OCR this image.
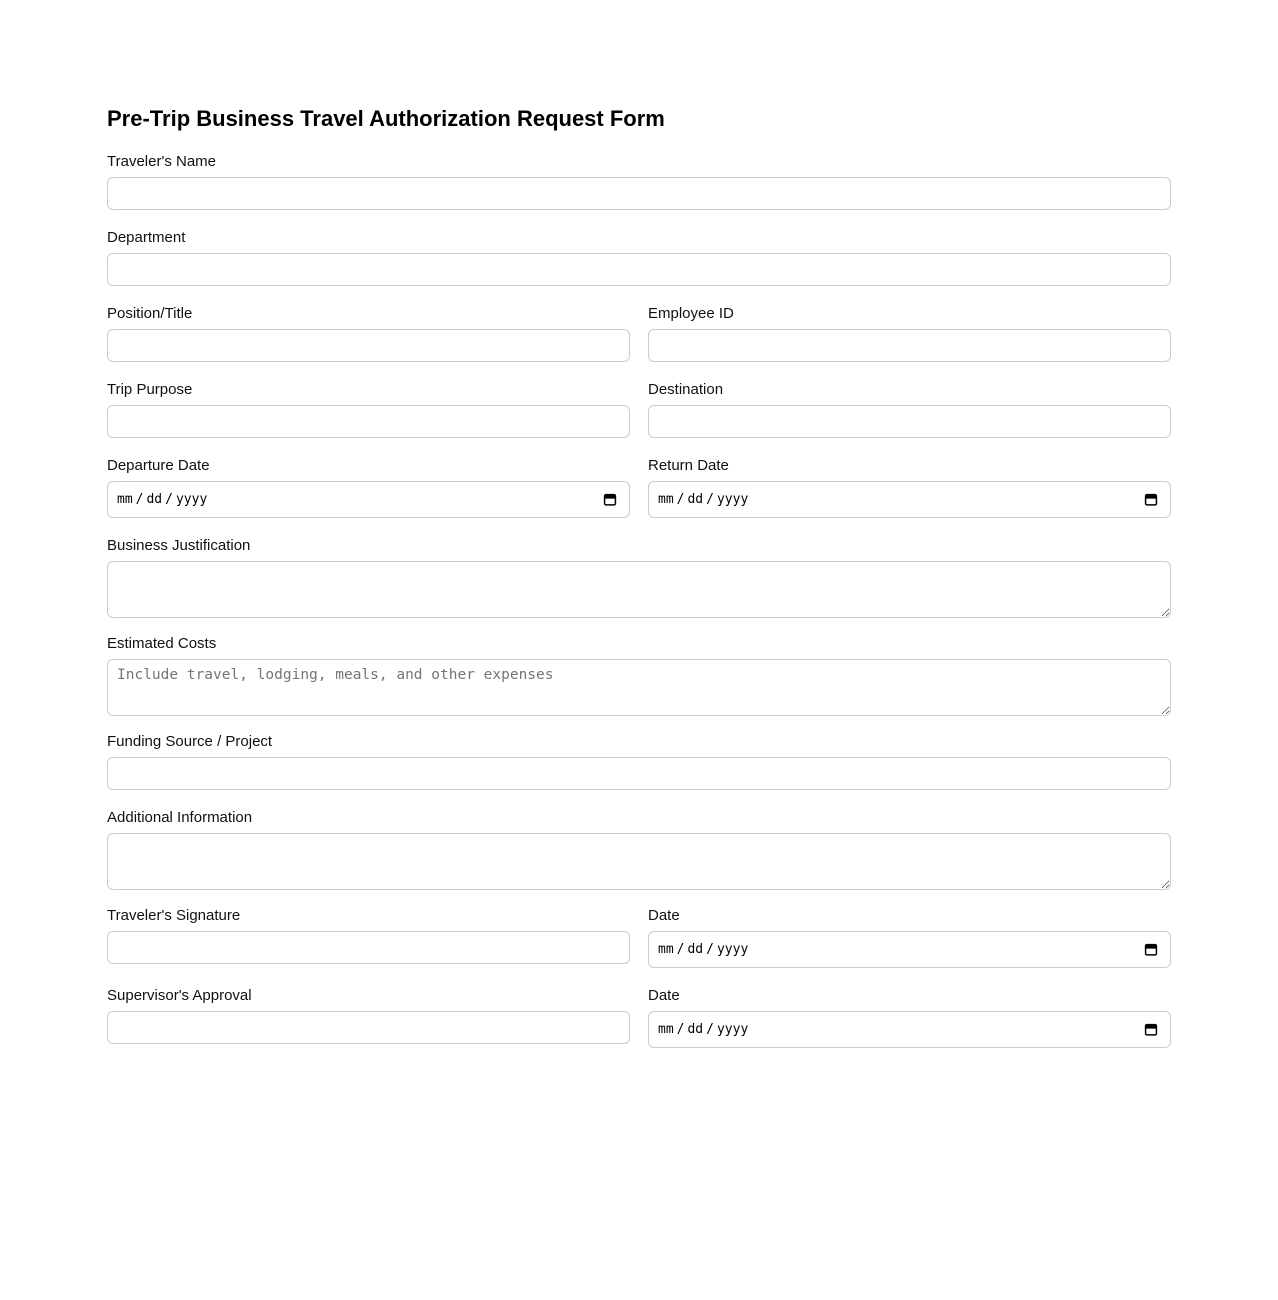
Pre-Trip Business Travel Authorization Request Form
Traveler's Name
Department
Position/Title	Employee ID
Trip Purpose	Destination
Departure Date
mm / dd / yyyy
Return Date
mm / dd / yyyy
Business Justification
Estimated Costs
Include travel, lodging, meals, and other expenses
Funding Source / Project
Additional Information
Traveler's Signature	Date
mm / dd / yyyy
Supervisor's Approval	Date
mm / dd / yyyy
